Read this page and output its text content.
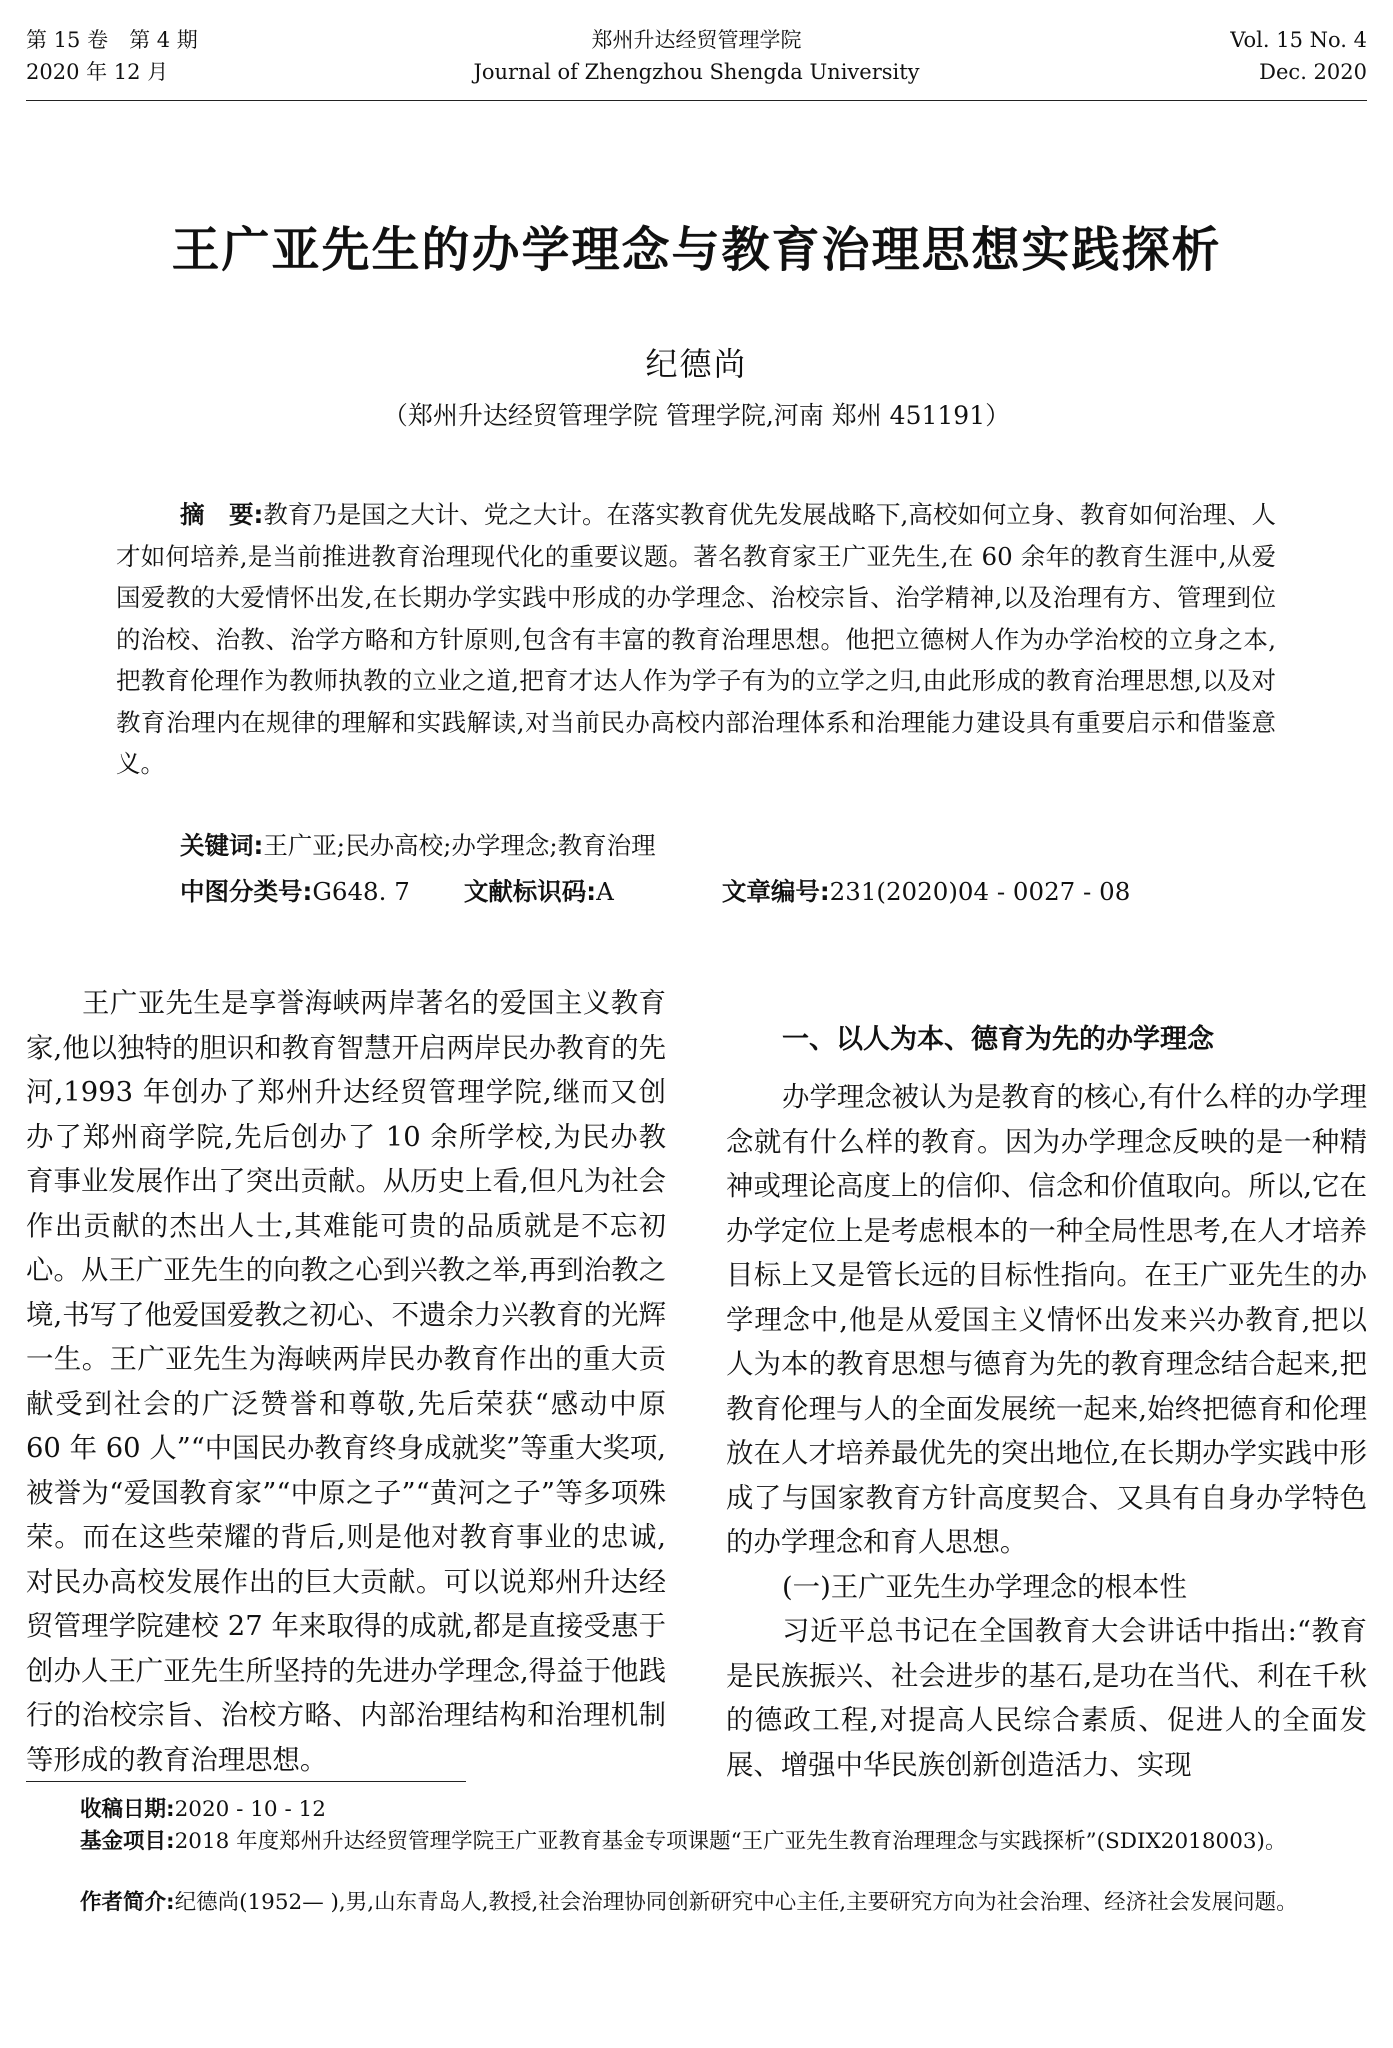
第 15 卷　第 4 期
2020 年 12 月
郑州升达经贸管理学院
Journal of Zhengzhou Shengda University
Vol. 15 No. 4
Dec. 2020
王广亚先生的办学理念与教育治理思想实践探析
纪德尚
（郑州升达经贸管理学院 管理学院,河南 郑州 451191）

摘　要:教育乃是国之大计、党之大计。在落实教育优先发展战略下,高校如何立身、教育如何治理、人才如何培养,是当前推进教育治理现代化的重要议题。著名教育家王广亚先生,在 60 余年的教育生涯中,从爱国爱教的大爱情怀出发,在长期办学实践中形成的办学理念、治校宗旨、治学精神,以及治理有方、管理到位的治校、治教、治学方略和方针原则,包含有丰富的教育治理思想。他把立德树人作为办学治校的立身之本,把教育伦理作为教师执教的立业之道,把育才达人作为学子有为的立学之归,由此形成的教育治理思想,以及对教育治理内在规律的理解和实践解读,对当前民办高校内部治理体系和治理能力建设具有重要启示和借鉴意义。

关键词:王广亚;民办高校;办学理念;教育治理
中图分类号:G648. 7 文献标识码:A	文章编号:231(2020)04 - 0027 - 08

王广亚先生是享誉海峡两岸著名的爱国主义教育家,他以独特的胆识和教育智慧开启两岸民办教育的先河,1993 年创办了郑州升达经贸管理学院,继而又创办了郑州商学院,先后创办了 10 余所学校,为民办教育事业发展作出了突出贡献。从历史上看,但凡为社会作出贡献的杰出人士,其难能可贵的品质就是不忘初心。从王广亚先生的向教之心到兴教之举,再到治教之境,书写了他爱国爱教之初心、不遗余力兴教育的光辉一生。王广亚先生为海峡两岸民办教育作出的重大贡献受到社会的广泛赞誉和尊敬,先后荣获“感动中原 60 年 60 人”“中国民办教育终身成就奖”等重大奖项,被誉为“爱国教育家”“中原之子”“黄河之子”等多项殊荣。而在这些荣耀的背后,则是他对教育事业的忠诚,对民办高校发展作出的巨大贡献。可以说郑州升达经贸管理学院建校 27 年来取得的成就,都是直接受惠于创办人王广亚先生所坚持的先进办学理念,得益于他践行的治校宗旨、治校方略、内部治理结构和治理机制等形成的教育治理思想。

一、以人为本、德育为先的办学理念

办学理念被认为是教育的核心,有什么样的办学理念就有什么样的教育。因为办学理念反映的是一种精神或理论高度上的信仰、信念和价值取向。所以,它在办学定位上是考虑根本的一种全局性思考,在人才培养目标上又是管长远的目标性指向。在王广亚先生的办学理念中,他是从爱国主义情怀出发来兴办教育,把以人为本的教育思想与德育为先的教育理念结合起来,把教育伦理与人的全面发展统一起来,始终把德育和伦理放在人才培养最优先的突出地位,在长期办学实践中形成了与国家教育方针高度契合、又具有自身办学特色的办学理念和育人思想。

(一)王广亚先生办学理念的根本性

习近平总书记在全国教育大会讲话中指出:“教育是民族振兴、社会进步的基石,是功在当代、利在千秋的德政工程,对提高人民综合素质、促进人的全面发展、增强中华民族创新创造活力、实现

收稿日期:2020 - 10 - 12
基金项目:2018 年度郑州升达经贸管理学院王广亚教育基金专项课题“王广亚先生教育治理理念与实践探析”(SDIX2018003)。
作者简介:纪德尚(1952— ),男,山东青岛人,教授,社会治理协同创新研究中心主任,主要研究方向为社会治理、经济社会发展问题。
